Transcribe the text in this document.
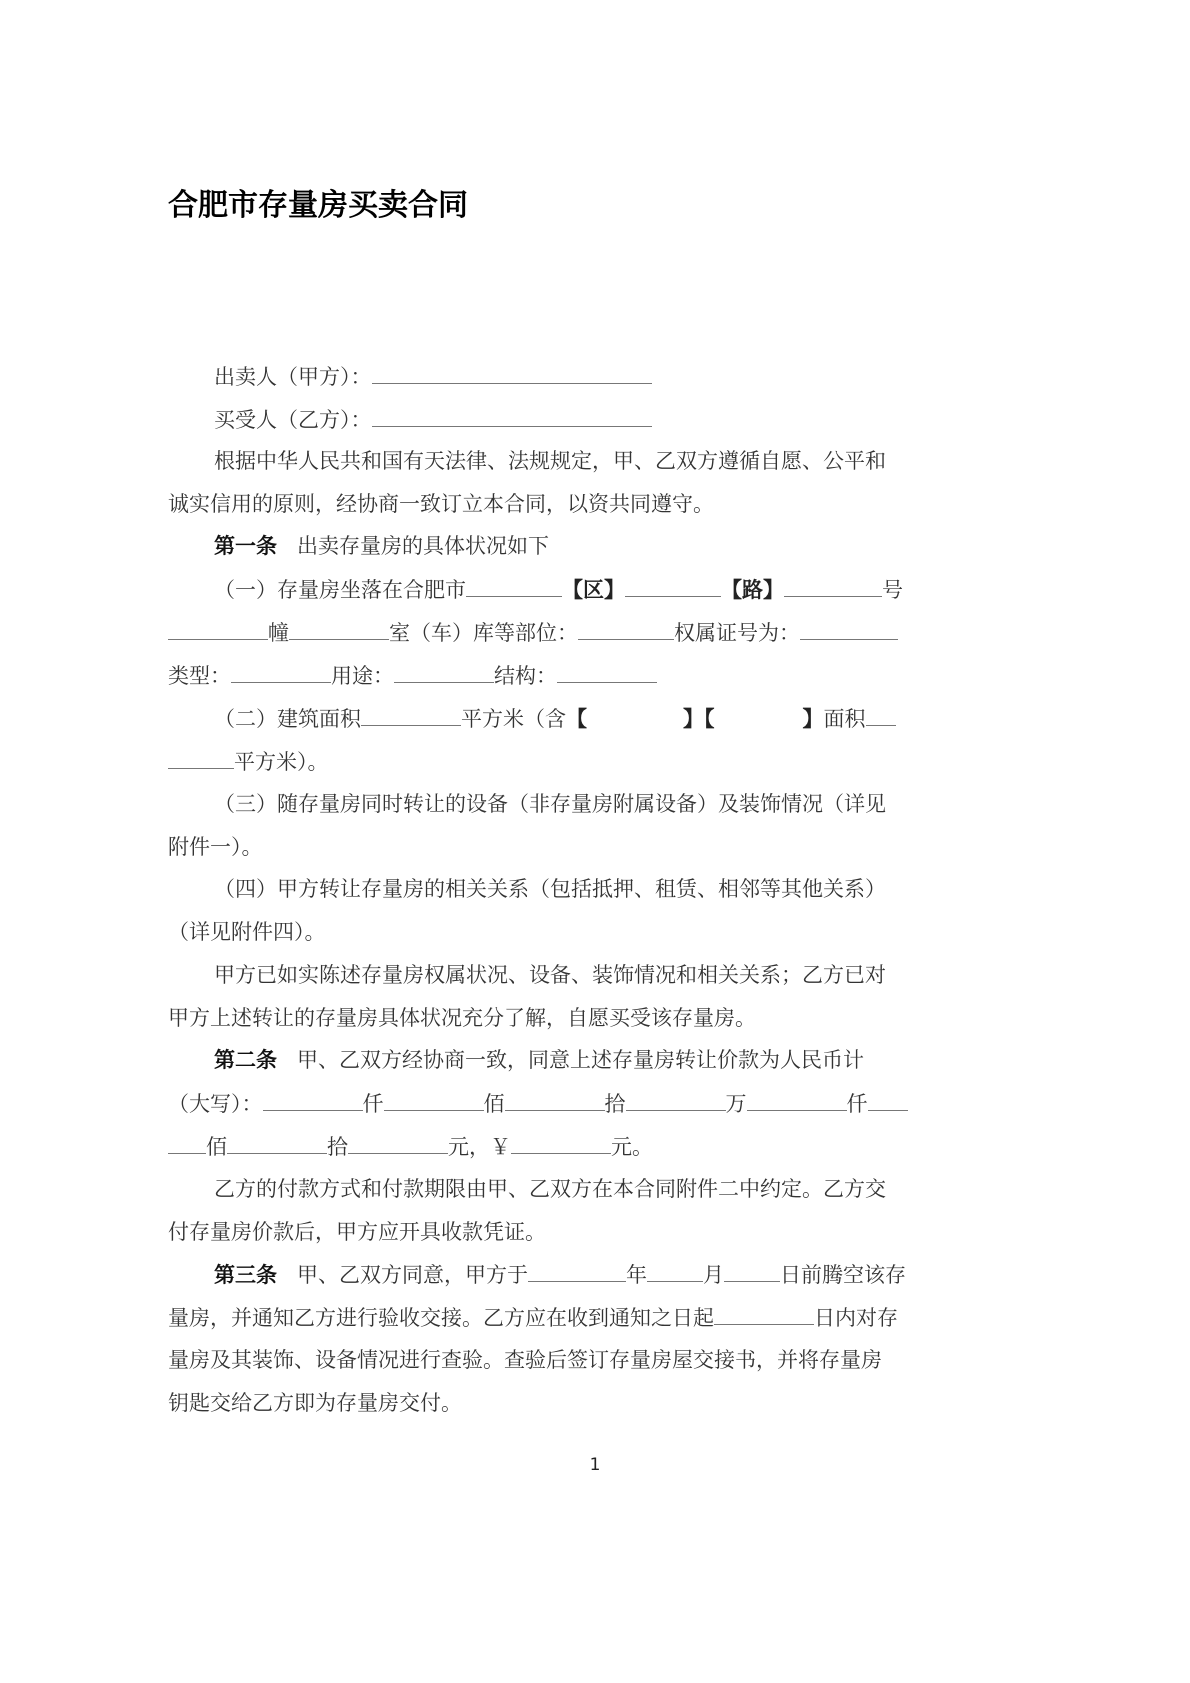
合肥市存量房买卖合同
出卖人（甲方）：
买受人（乙方）：
根据中华人民共和国有天法律、法规规定，甲、乙双方遵循自愿、公平和
诚实信用的原则，经协商一致订立本合同，以资共同遵守。
第一条 出卖存量房的具体状况如下
（一）存量房坐落在合肥市	【区】	【路】	号
幢	室（车）库等部位：	权属证号为：
类型：	用途：	结构：
（二）建筑面积	平方米（含【	】【	】面积
平方米）。
（三）随存量房同时转让的设备（非存量房附属设备）及装饰情况（详见
附件一）。
（四）甲方转让存量房的相关关系（包括抵押、租赁、相邻等其他关系）
（详见附件四）。
甲方已如实陈述存量房权属状况、设备、装饰情况和相关关系；乙方已对
甲方上述转让的存量房具体状况充分了解，自愿买受该存量房。
第二条 甲、乙双方经协商一致，同意上述存量房转让价款为人民币计
（大写）：	仟	佰	拾	万	仟
佰	拾	元，￥	元。
乙方的付款方式和付款期限由甲、乙双方在本合同附件二中约定。乙方交
付存量房价款后，甲方应开具收款凭证。
第三条 甲、乙双方同意，甲方于	年	月	日前腾空该存
量房，并通知乙方进行验收交接。乙方应在收到通知之日起	日内对存
量房及其装饰、设备情况进行查验。查验后签订存量房屋交接书，并将存量房
钥匙交给乙方即为存量房交付。
1
